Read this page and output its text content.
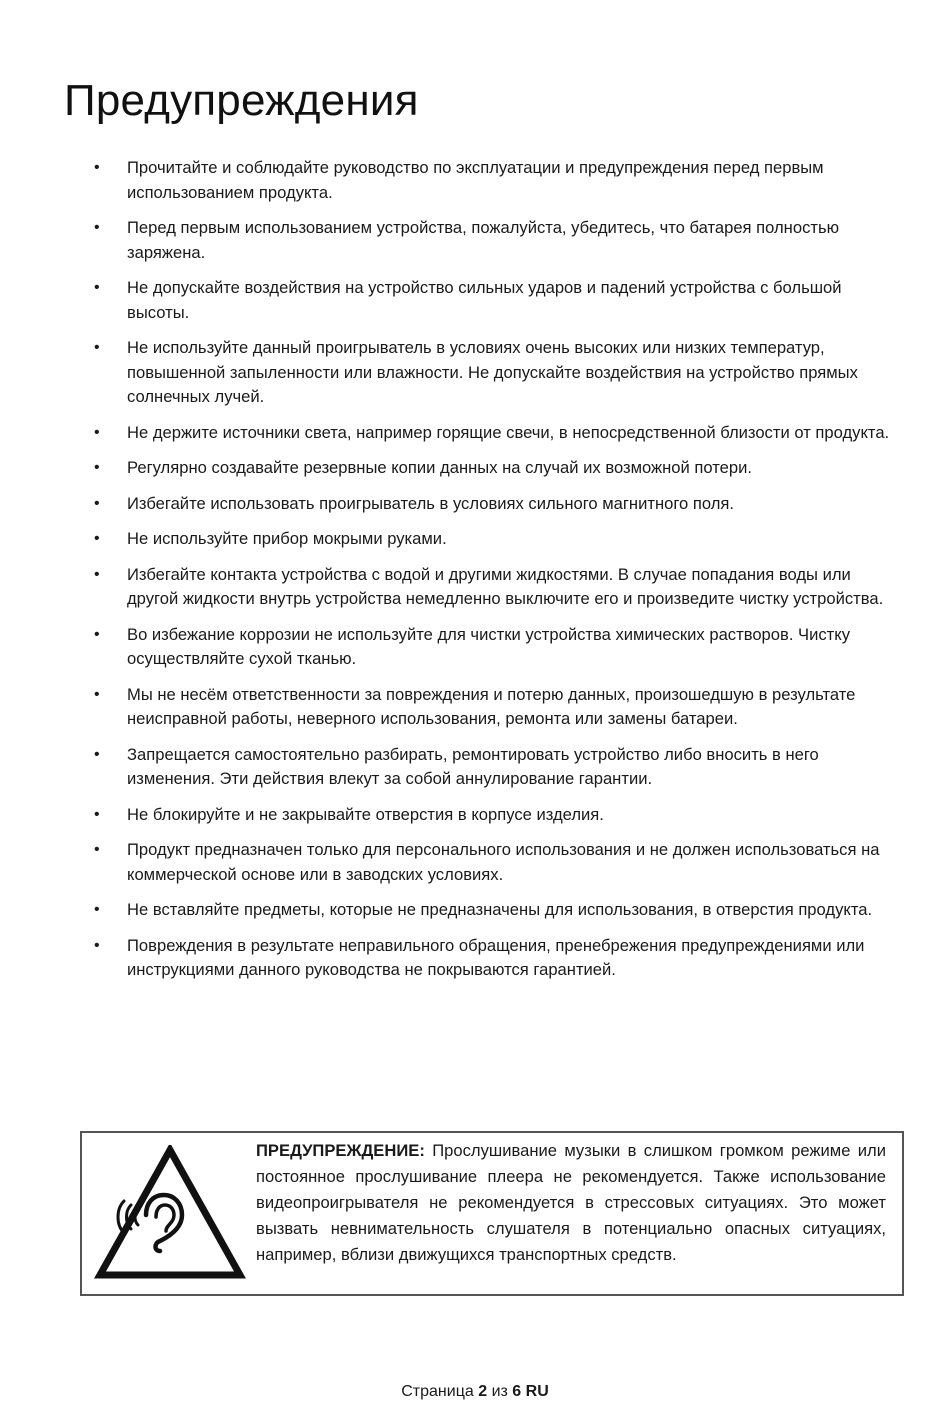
Предупреждения
• Прочитайте и соблюдайте руководство по эксплуатации и предупреждения перед первым использованием продукта.
• Перед первым использованием устройства, пожалуйста, убедитесь, что батарея полностью заряжена.
• Не допускайте воздействия на устройство сильных ударов и падений устройства с большой высоты.
• Не используйте данный проигрыватель в условиях очень высоких или низких температур, повышенной запыленности или влажности. Не допускайте воздействия на устройство прямых солнечных лучей.
• Не держите источники света, например горящие свечи, в непосредственной близости от продукта.
• Регулярно создавайте резервные копии данных на случай их возможной потери.
• Избегайте использовать проигрыватель в условиях сильного магнитного поля.
• Не используйте прибор мокрыми руками.
• Избегайте контакта устройства с водой и другими жидкостями. В случае попадания воды или другой жидкости внутрь устройства немедленно выключите его и произведите чистку устройства.
• Во избежание коррозии не используйте для чистки устройства химических растворов. Чистку осуществляйте сухой тканью.
• Мы не несём ответственности за повреждения и потерю данных, произошедшую в результате неисправной работы, неверного использования, ремонта или замены батареи.
• Запрещается самостоятельно разбирать, ремонтировать устройство либо вносить в него изменения. Эти действия влекут за собой аннулирование гарантии.
• Не блокируйте и не закрывайте отверстия в корпусе изделия.
• Продукт предназначен только для персонального использования и не должен использоваться на коммерческой основе или в заводских условиях.
• Не вставляйте предметы, которые не предназначены для использования, в отверстия продукта.
• Повреждения в результате неправильного обращения, пренебрежения предупреждениями или инструкциями данного руководства не покрываются гарантией.

ПРЕДУПРЕЖДЕНИЕ: Прослушивание музыки в слишком громком режиме или постоянное прослушивание плеера не рекомендуется. Также использование видеопроигрывателя не рекомендуется в стрессовых ситуациях. Это может вызвать невнимательность слушателя в потенциально опасных ситуациях, например, вблизи движущихся транспортных средств.

Страница 2 из 6 RU
